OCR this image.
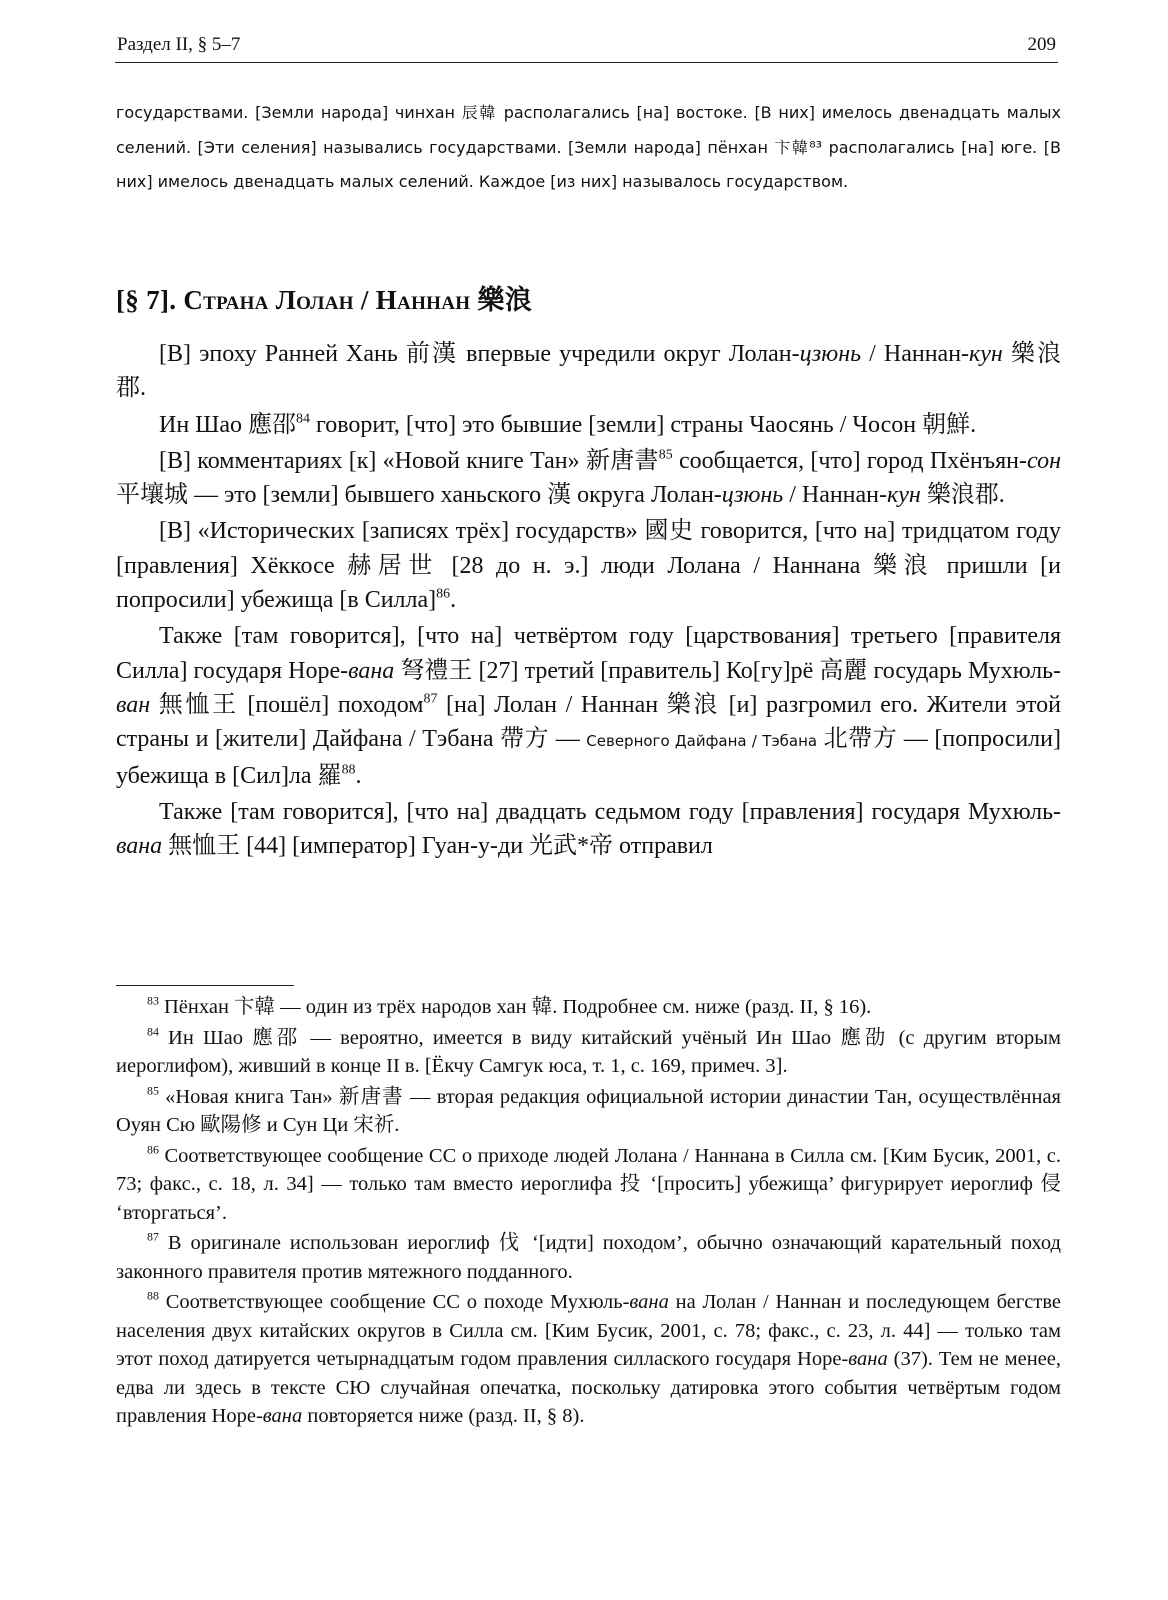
Раздел II, § 5–7	209
государствами. [Земли народа] чинхан 辰韓 располагались [на] востоке. [В них] имелось двенадцать малых селений. [Эти селения] назывались государствами. [Земли народа] пёнхан 卞韓⁸³ располагались [на] юге. [В них] имелось двенадцать малых селений. Каждое [из них] называлось государством.
[§ 7]. Страна Лолан / Наннан 樂浪

[В] эпоху Ранней Хань 前漢 впервые учредили округ Лолан-цзюнь / Наннан-кун 樂浪郡.

Ин Шао 應邵$^{84}$ говорит, [что] это бывшие [земли] страны Чаосянь / Чосон 朝鮮.

[В] комментариях [к] «Новой книге Тан» 新唐書$^{85}$ сообщается, [что] город Пхёнъян-сон 平壤城 — это [земли] бывшего ханьского 漢 округа Лолан-цзюнь / Наннан-кун 樂浪郡.

[В] «Исторических [записях трёх] государств» 國史 говорится, [что на] тридцатом году [правления] Хёккосе 赫居世 [28 до н. э.] люди Лолана / Наннана 樂浪 пришли [и попросили] убежища [в Силла]$^{86}$.

Также [там говорится], [что на] четвёртом году [царствования] третьего [правителя Силла] государя Норе-вана 弩禮王 [27] третий [правитель] Ко[гу]рё 高麗 государь Мухюль-ван 無恤王 [пошёл] походом$^{87}$ [на] Лолан / Наннан 樂浪 [и] разгромил его. Жители этой страны и [жители] Дайфана / Тэбана 帶方 — Северного Дайфана / Тэбана 北帶方 — [попросили] убежища в [Сил]ла 羅$^{88}$.

Также [там говорится], [что на] двадцать седьмом году [правления] государя Мухюль-вана 無恤王 [44] [император] Гуан-у-ди 光武*帝 отправил

$^{83}$ Пёнхан 卞韓 — один из трёх народов хан 韓. Подробнее см. ниже (разд. II, § 16).

$^{84}$ Ин Шао 應邵 — вероятно, имеется в виду китайский учёный Ин Шао 應劭 (с другим вторым иероглифом), живший в конце II в. [Ёкчу Самгук юса, т. 1, с. 169, примеч. 3].

$^{85}$ «Новая книга Тан» 新唐書 — вторая редакция официальной истории династии Тан, осуществлённая Оуян Сю 歐陽修 и Сун Ци 宋祈.

$^{86}$ Соответствующее сообщение СС о приходе людей Лолана / Наннана в Силла см. [Ким Бусик, 2001, с. 73; факс., с. 18, л. 34] — только там вместо иероглифа 投 ‘[просить] убежища’ фигурирует иероглиф 侵 ‘вторгаться’.

$^{87}$ В оригинале использован иероглиф 伐 ‘[идти] походом’, обычно означающий карательный поход законного правителя против мятежного подданного.

$^{88}$ Соответствующее сообщение СС о походе Мухюль-вана на Лолан / Наннан и последующем бегстве населения двух китайских округов в Силла см. [Ким Бусик, 2001, с. 78; факс., с. 23, л. 44] — только там этот поход датируется четырнадцатым годом правления силлаского государя Норе-вана (37). Тем не менее, едва ли здесь в тексте СЮ случайная опечатка, поскольку датировка этого события четвёртым годом правления Норе-вана повторяется ниже (разд. II, § 8).
